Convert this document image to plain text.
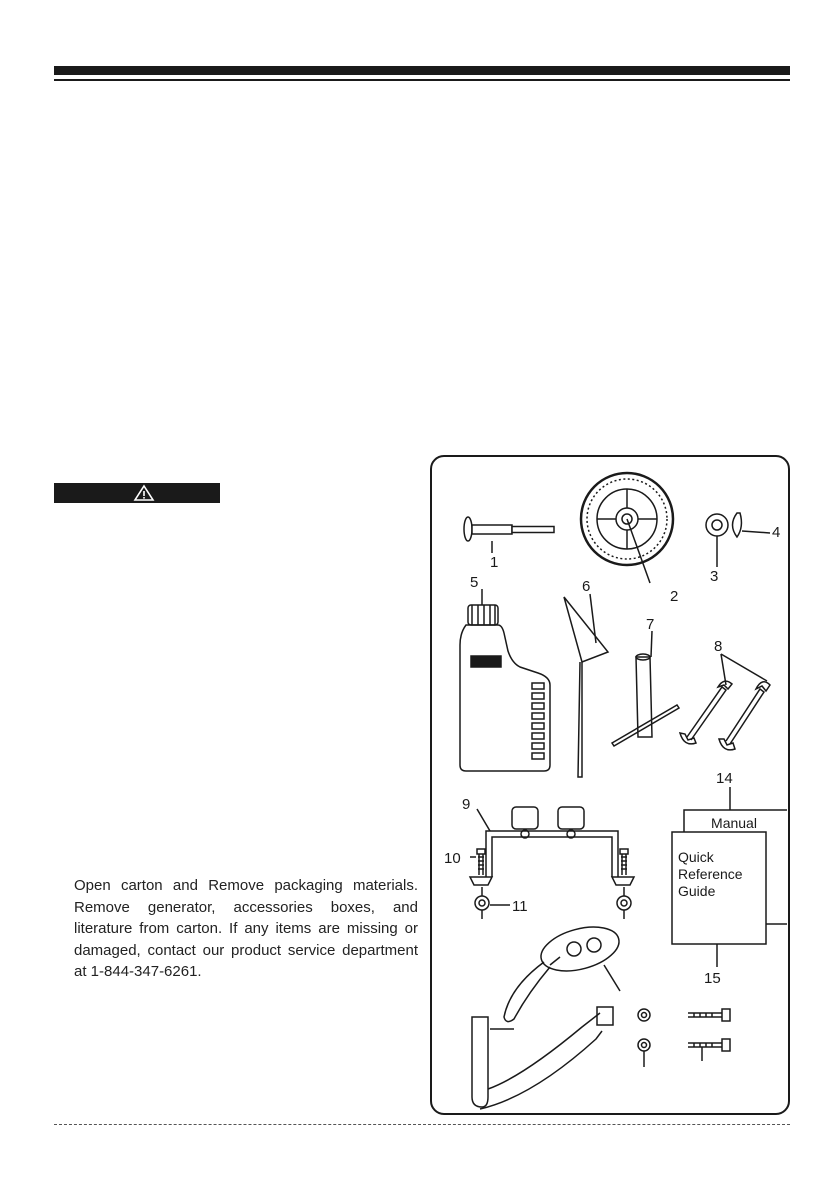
Open carton and Remove packaging materials. Remove generator, accessories boxes, and literature from carton. If any items are missing or damaged, contact our product service department at 1-844-347-6261.
1
2
3
4
5	6
7
8
9
10
11
14
15
Manual
Quick
Reference
Guide
